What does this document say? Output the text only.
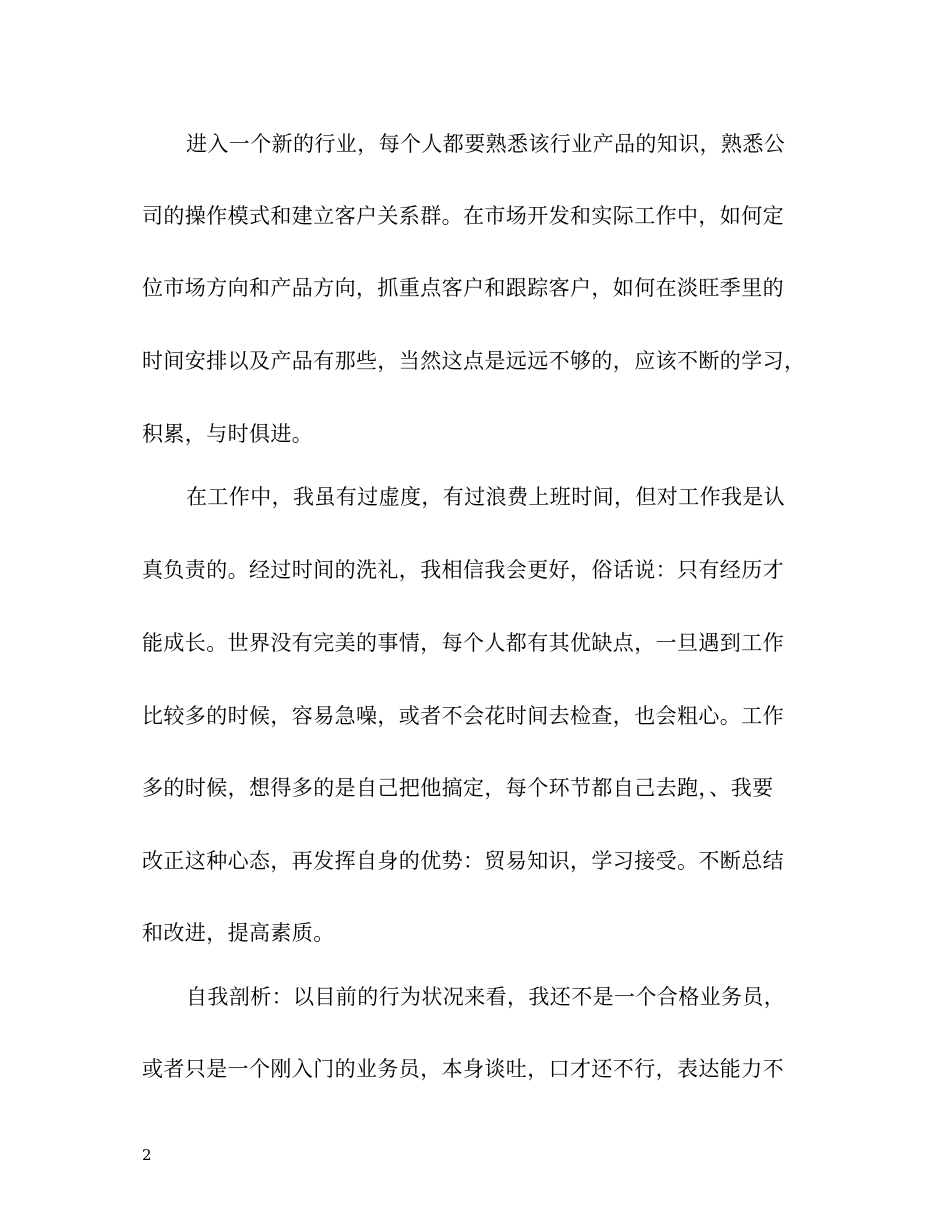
进入一个新的行业，每个人都要熟悉该行业产品的知识，熟悉公
司的操作模式和建立客户关系群。在市场开发和实际工作中，如何定
位市场方向和产品方向，抓重点客户和跟踪客户，如何在淡旺季里的
时间安排以及产品有那些，当然这点是远远不够的，应该不断的学习，
积累，与时俱进。
在工作中，我虽有过虚度，有过浪费上班时间，但对工作我是认
真负责的。经过时间的洗礼，我相信我会更好，俗话说：只有经历才
能成长。世界没有完美的事情，每个人都有其优缺点，一旦遇到工作
比较多的时候，容易急噪，或者不会花时间去检查，也会粗心。工作
多的时候，想得多的是自己把他搞定，每个环节都自己去跑，、我要
改正这种心态，再发挥自身的优势：贸易知识，学习接受。不断总结
和改进，提高素质。
自我剖析：以目前的行为状况来看，我还不是一个合格业务员，
或者只是一个刚入门的业务员，本身谈吐，口才还不行，表达能力不
2
